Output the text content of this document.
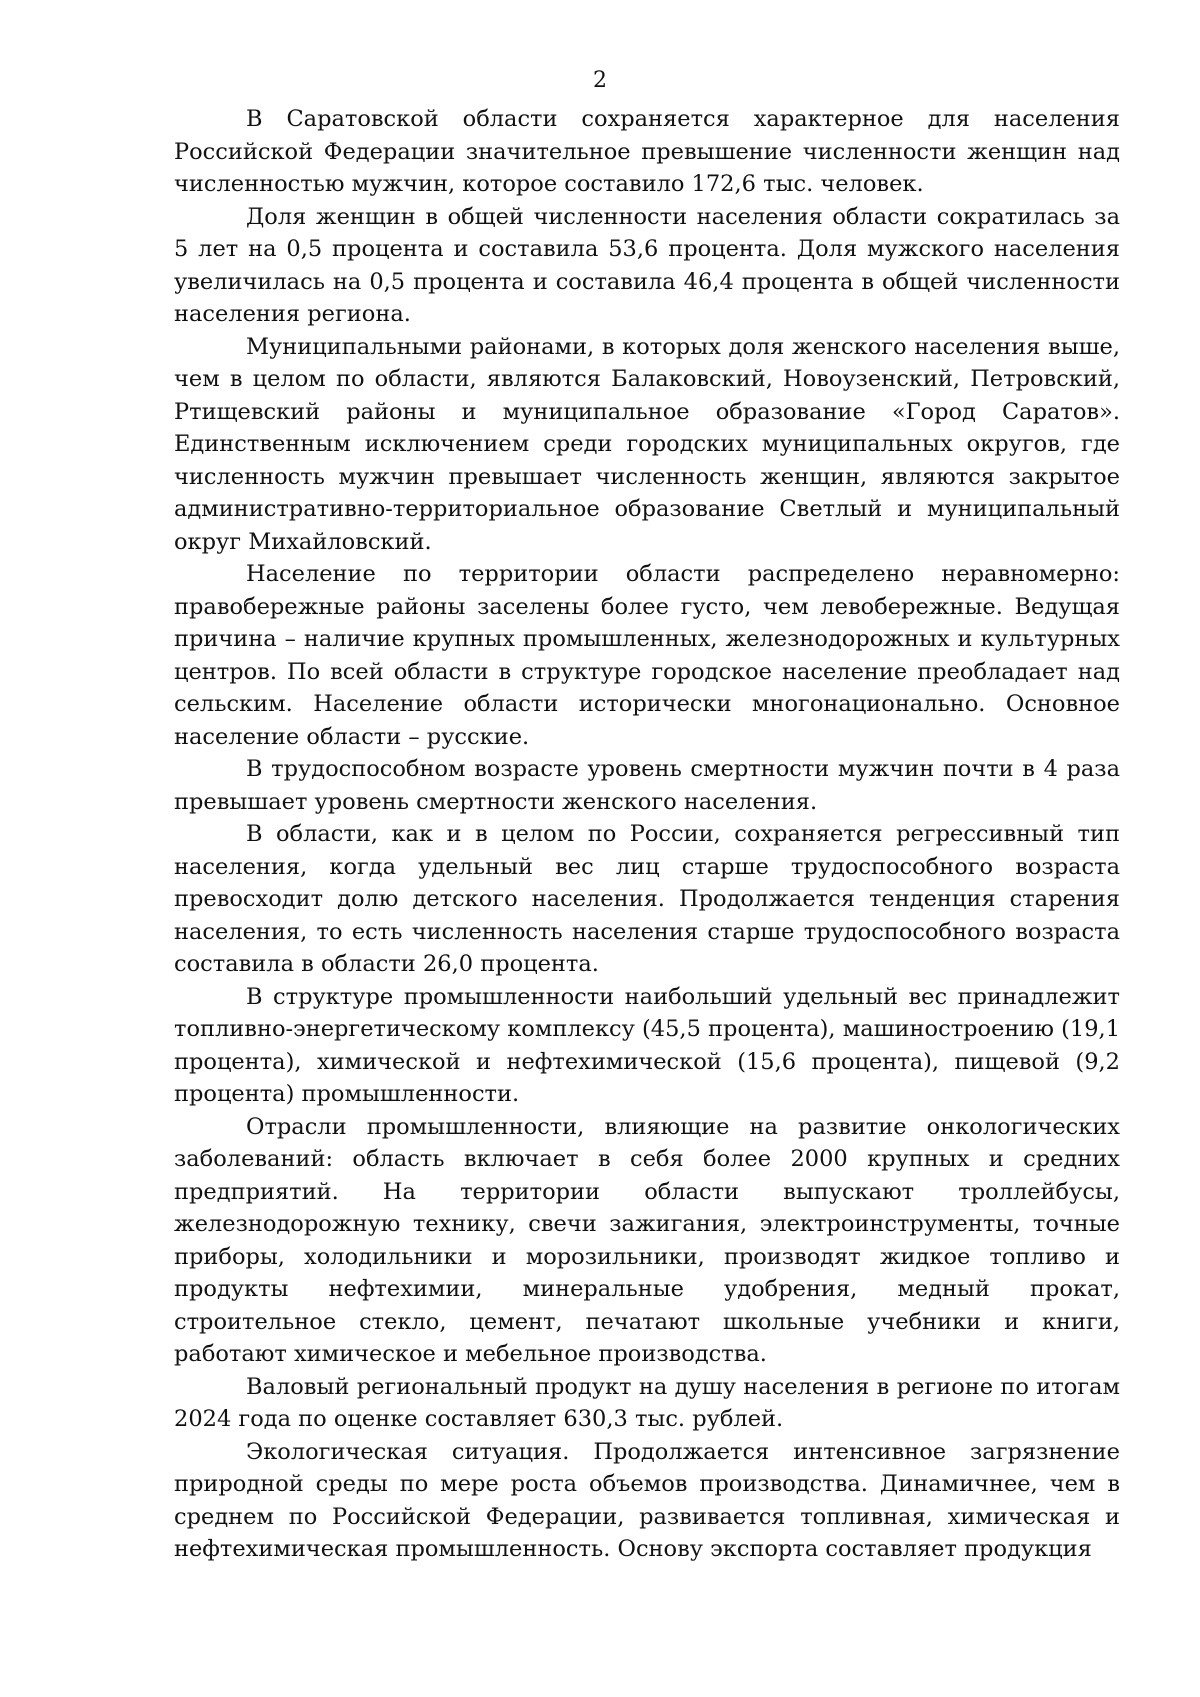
2

В Саратовской области сохраняется характерное для населения Российской Федерации значительное превышение численности женщин над численностью мужчин, которое составило 172,6 тыс. человек.

Доля женщин в общей численности населения области сократилась за 5 лет на 0,5 процента и составила 53,6 процента. Доля мужского населения увеличилась на 0,5 процента и составила 46,4 процента в общей численности населения региона.

Муниципальными районами, в которых доля женского населения выше, чем в целом по области, являются Балаковский, Новоузенский, Петровский, Ртищевский районы и муниципальное образование «Город Саратов». Единственным исключением среди городских муниципальных округов, где численность мужчин превышает численность женщин, являются закрытое административно-территориальное образование Светлый и муниципальный округ Михайловский.

Население по территории области распределено неравномерно: правобережные районы заселены более густо, чем левобережные. Ведущая причина – наличие крупных промышленных, железнодорожных и культурных центров. По всей области в структуре городское население преобладает над сельским. Население области исторически многонационально. Основное население области – русские.

В трудоспособном возрасте уровень смертности мужчин почти в 4 раза превышает уровень смертности женского населения.

В области, как и в целом по России, сохраняется регрессивный тип населения, когда удельный вес лиц старше трудоспособного возраста превосходит долю детского населения. Продолжается тенденция старения населения, то есть численность населения старше трудоспособного возраста составила в области 26,0 процента.

В структуре промышленности наибольший удельный вес принадлежит топливно-энергетическому комплексу (45,5 процента), машиностроению (19,1 процента), химической и нефтехимической (15,6 процента), пищевой (9,2 процента) промышленности.

Отрасли промышленности, влияющие на развитие онкологических заболеваний: область включает в себя более 2000 крупных и средних предприятий. На территории области выпускают троллейбусы, железнодорожную технику, свечи зажигания, электроинструменты, точные приборы, холодильники и морозильники, производят жидкое топливо и продукты нефтехимии, минеральные удобрения, медный прокат, строительное стекло, цемент, печатают школьные учебники и книги, работают химическое и мебельное производства.

Валовый региональный продукт на душу населения в регионе по итогам 2024 года по оценке составляет 630,3 тыс. рублей.

Экологическая ситуация. Продолжается интенсивное загрязнение природной среды по мере роста объемов производства. Динамичнее, чем в среднем по Российской Федерации, развивается топливная, химическая и нефтехимическая промышленность. Основу экспорта составляет продукция
